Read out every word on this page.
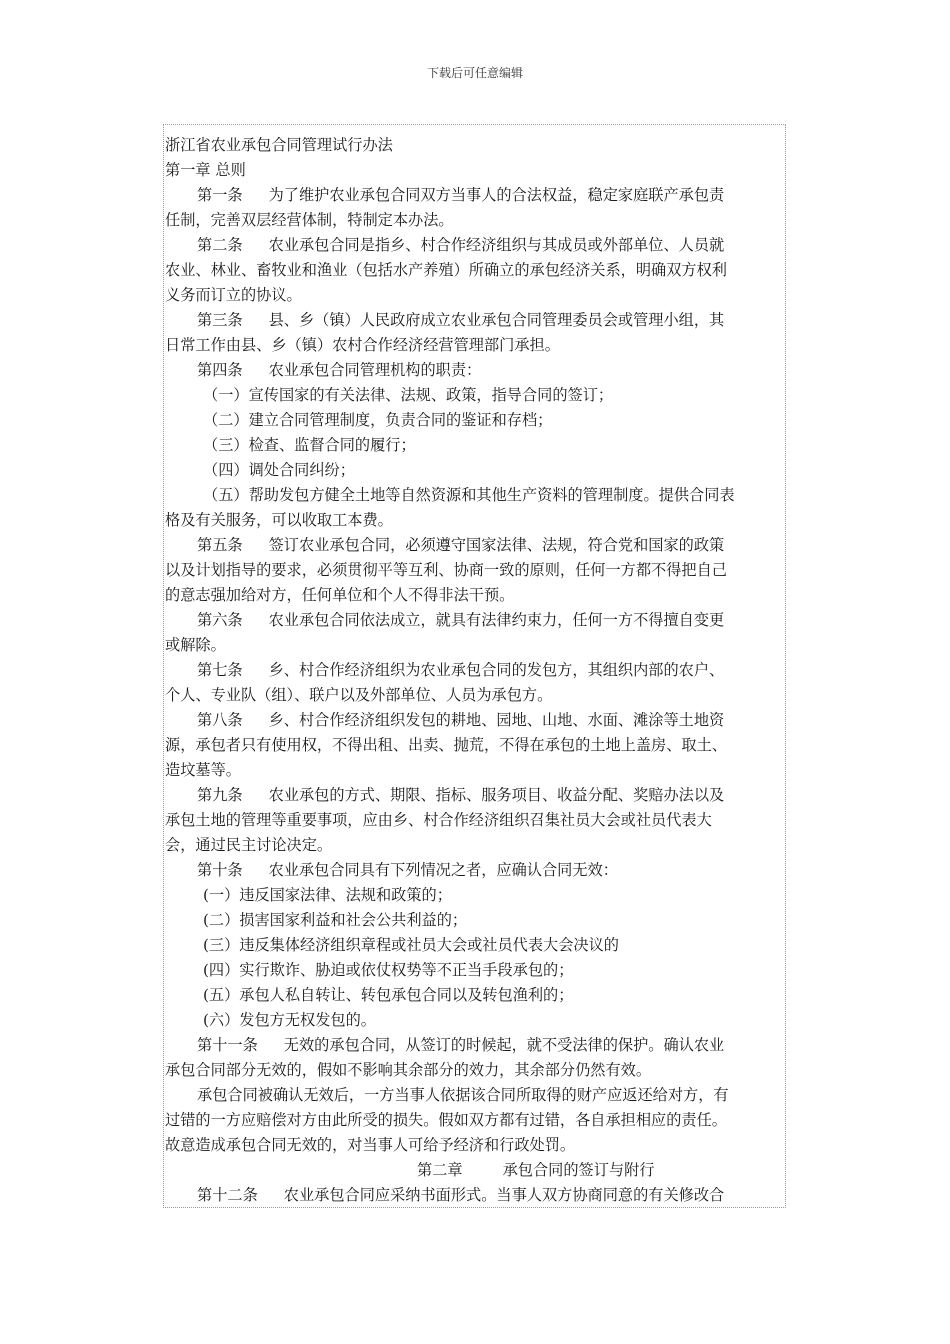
下载后可任意编辑
浙江省农业承包合同管理试行办法
第一章 总则
第一条 为了维护农业承包合同双方当事人的合法权益，稳定家庭联产承包责
任制，完善双层经营体制，特制定本办法。
第二条 农业承包合同是指乡、村合作经济组织与其成员或外部单位、人员就
农业、林业、畜牧业和渔业（包括水产养殖）所确立的承包经济关系，明确双方权利
义务而订立的协议。
第三条 县、乡（镇）人民政府成立农业承包合同管理委员会或管理小组，其
日常工作由县、乡（镇）农村合作经济经营管理部门承担。
第四条 农业承包合同管理机构的职责：
（一）宣传国家的有关法律、法规、政策，指导合同的签订；
（二）建立合同管理制度，负责合同的鉴证和存档；
（三）检查、监督合同的履行；
（四）调处合同纠纷；
（五）帮助发包方健全土地等自然资源和其他生产资料的管理制度。提供合同表
格及有关服务，可以收取工本费。
第五条 签订农业承包合同，必须遵守国家法律、法规，符合党和国家的政策
以及计划指导的要求，必须贯彻平等互利、协商一致的原则，任何一方都不得把自己
的意志强加给对方，任何单位和个人不得非法干预。
第六条 农业承包合同依法成立，就具有法律约束力，任何一方不得擅自变更
或解除。
第七条 乡、村合作经济组织为农业承包合同的发包方，其组织内部的农户、
个人、专业队（组）、联户以及外部单位、人员为承包方。
第八条 乡、村合作经济组织发包的耕地、园地、山地、水面、滩涂等土地资
源，承包者只有使用权，不得出租、出卖、抛荒，不得在承包的土地上盖房、取土、
造坟墓等。
第九条 农业承包的方式、期限、指标、服务项目、收益分配、奖赔办法以及
承包土地的管理等重要事项，应由乡、村合作经济组织召集社员大会或社员代表大
会，通过民主讨论决定。
第十条 农业承包合同具有下列情况之者，应确认合同无效：
(一）违反国家法律、法规和政策的；
(二）损害国家利益和社会公共利益的；
(三）违反集体经济组织章程或社员大会或社员代表大会决议的
(四）实行欺诈、胁迫或依仗权势等不正当手段承包的；
(五）承包人私自转让、转包承包合同以及转包渔利的；
(六）发包方无权发包的。
第十一条 无效的承包合同，从签订的时候起，就不受法律的保护。确认农业
承包合同部分无效的，假如不影响其余部分的效力，其余部分仍然有效。
承包合同被确认无效后，一方当事人依据该合同所取得的财产应返还给对方，有
过错的一方应赔偿对方由此所受的损失。假如双方都有过错，各自承担相应的责任。
故意造成承包合同无效的，对当事人可给予经济和行政处罚。
第二章	承包合同的签订与附行
第十二条 农业承包合同应采纳书面形式。当事人双方协商同意的有关修改合
